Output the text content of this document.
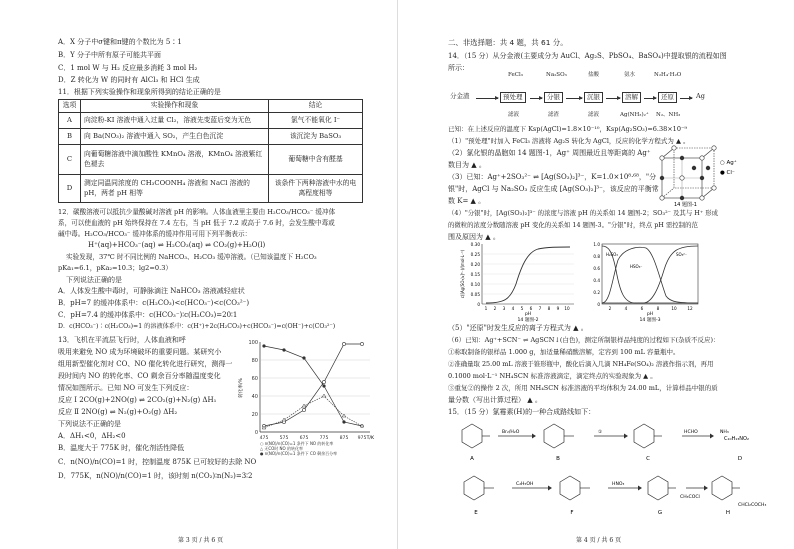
A．X 分子中σ键和π键的个数比为 5∶1
B．Y 分子中所有原子可能共平面
C．1 mol W 与 H₂ 反应最多消耗 3 mol H₂
D．Z 转化为 W 的同时有 AlCl₃ 和 HCl 生成
11．根据下列实验操作和现象所得到的结论正确的是
选项	实验操作和现象	结论
A	向淀粉-KI 溶液中通入过量 Cl₂，溶液先变蓝后变为无色	氯气不能氧化 I⁻
B	向 Ba(NO₃)₂ 溶液中通入 SO₂，产生白色沉淀	该沉淀为 BaSO₃
C	向葡萄糖溶液中滴加酸性 KMnO₄ 溶液，KMnO₄ 溶液紫红色褪去	葡萄糖中含有醛基
D	测定同温同浓度的 CH₃COONH₄ 溶液和 NaCl 溶液的 pH，两者 pH 相等	该条件下两种溶液中水的电离程度相等
12．碳酸溶液可以抵抗少量酸碱对溶液 pH 的影响。人体血液里主要由 H₂CO₃/HCO₃⁻ 缓冲体
系，可以使血液的 pH 始终保持在 7.4 左右，当 pH 低于 7.2 或高于 7.6 时，会发生酸中毒或
碱中毒。H₂CO₃/HCO₃⁻ 缓冲体系的缓冲作用可用下列平衡表示：
H⁺(aq)+HCO₃⁻(aq) ⇌ H₂CO₃(aq) ⇌ CO₂(g)+H₂O(l)
实验发现，37℃ 时不同比例的 NaHCO₃、H₂CO₃ 缓冲溶液。（已知该温度下 H₂CO₃
pKa₁=6.1，pKa₂=10.3；lg2=0.3）
下列说法正确的是
A．人体发生酸中毒时，可静脉滴注 NaHCO₃ 溶液减轻症状
B．pH=7 的缓冲体系中：c(H₂CO₃)<c(HCO₃⁻)<c(CO₃²⁻)
C．pH=7.4 的缓冲体系中：c(HCO₃⁻)∶c(H₂CO₃)=20∶1
D．c(HCO₃⁻)∶c(H₂CO₃)=1 的溶液体系中：c(H⁺)+2c(H₂CO₃)+c(HCO₃⁻)=c(OH⁻)+c(CO₃²⁻)
13．飞机在平流层飞行时，人体血液和呼
吸用来避免 NO 成为环境破坏的重要问题。某研究小
组用新型催化剂对 CO、NO 催化转化进行研究，测得一
段时间内 NO 的转化率、CO 剩余百分率随温度变化
情况如图所示。已知 NO 可发生下列反应：
反应 Ⅰ 2CO(g)+2NO(g) ⇌ 2CO₂(g)+N₂(g) ΔH₁
反应 Ⅱ 2NO(g) ⇌ N₂(g)+O₂(g) ΔH₂
下列说法不正确的是
A．ΔH₁<0，ΔH₂<0
B．温度大于 775K 时，催化剂活性降低
C．n(NO)/n(CO)=1 时，控制温度 875K 已可较好的去除 NO
D．775K，n(NO)/n(CO)=1 时，该时刻 n(CO₂)∶n(N₂)=3∶2
100
80
60
40
20
0
475 575 675 775 875 975 T/K
转化率/%
○ n(NO)/n(CO)=1 条件下 NO 的转化率
△ 无CO时 NO 的转化率
● n(NO)/n(CO)=1 条件下 CO 剩余百分率
第 3 页 / 共 6 页
二、非选择题：共 4 题，共 61 分。
14．（15 分）从分金液(主要成分为 AuCl、Ag₂S、PbSO₄、BaSO₄)中提取银的流程如图
所示：
FeCl₃	Na₂SO₃	盐酸	氨水	N₂H₄·H₂O
分金渣	预处理	分银	沉银	溶解	还原	Ag
滤液	滤渣	滤液	Ag(NH₃)₂⁺ N₂、NH₃
已知：在上述反应的温度下 Ksp(AgCl)=1.8×10⁻¹⁰，Ksp(Ag₂SO₃)=6.38×10⁻⁹
（1）"预处理"时加入 FeCl₃ 溶液将 Ag₂S 转化为 AgCl，反应的化学方程式为 ▲ 。
（2）氯化银的晶胞如 14 题图-1，Ag⁺ 周围最近且等距离的 Ag⁺
数目为 ▲ 。
（3）已知：Ag⁺+2SO₃²⁻ ⇌ [Ag(SO₃)₂]³⁻，K=1.0×10⁸·⁶⁸，"分
银"时，AgCl 与 Na₂SO₃ 反应生成 [Ag(SO₃)₂]³⁻，该反应的平衡常
数 K= ▲ 。
（4）"分银"时，[Ag(SO₃)₂]³⁻ 的浓度与溶液 pH 的关系如 14 题图-2；SO₃²⁻ 及其与 H⁺ 形成
的微粒的浓度分数随溶液 pH 变化的关系如 14 题图-3。"分银"时，终点 pH 需控制的范
围及原因为 ▲ 。
○ Ag⁺
● Cl⁻
14 题图-1
0.30
0.25
0.20
0.15
0.10
0.05
0
1 2 3 4 5 6 7 8 9 10
pH
c([Ag(SO₃)₂]³⁻)/(mol·L⁻¹)
14 题图-2
1.0
0.8
0.6
0.4
0.2
0
2	4	6	8	10	12
pH
H₂SO₃
HSO₃⁻
SO₃²⁻
14 题图-3
（5）"还原"时发生反应的离子方程式为 ▲ 。
（6）已知：Ag⁺+SCN⁻ ⇌ AgSCN↓(白色)，测定所制银样品纯度的过程如下(杂质不反应)：
①称取制备的银样品 1.000 g，加适量稀硝酸溶解，定容到 100 mL 容量瓶中。
②准确量取 25.00 mL 溶液于锥形瓶中，酸化后滴入几滴 NH₄Fe(SO₄)₂ 溶液作指示剂，再用
0.1000 mol·L⁻¹ NH₄SCN 标准溶液滴定，滴定终点的实验现象为 ▲ 。
③重复②的操作 2 次，所用 NH₄SCN 标准溶液的平均体积为 24.00 mL，计算样品中银的质
量分数（写出计算过程） ▲ 。
15．（15 分）氯霉素(H)的一种合成路线如下：
Br₂/H₂O	①	HCHO	NH₃
C₂H₅OH	HNO₃
CH₃COCl
CHCl₂COCH₃
C₁₀H₁₃NO₂
A	B	C	D
E	F	G	H
第 4 页 / 共 6 页
